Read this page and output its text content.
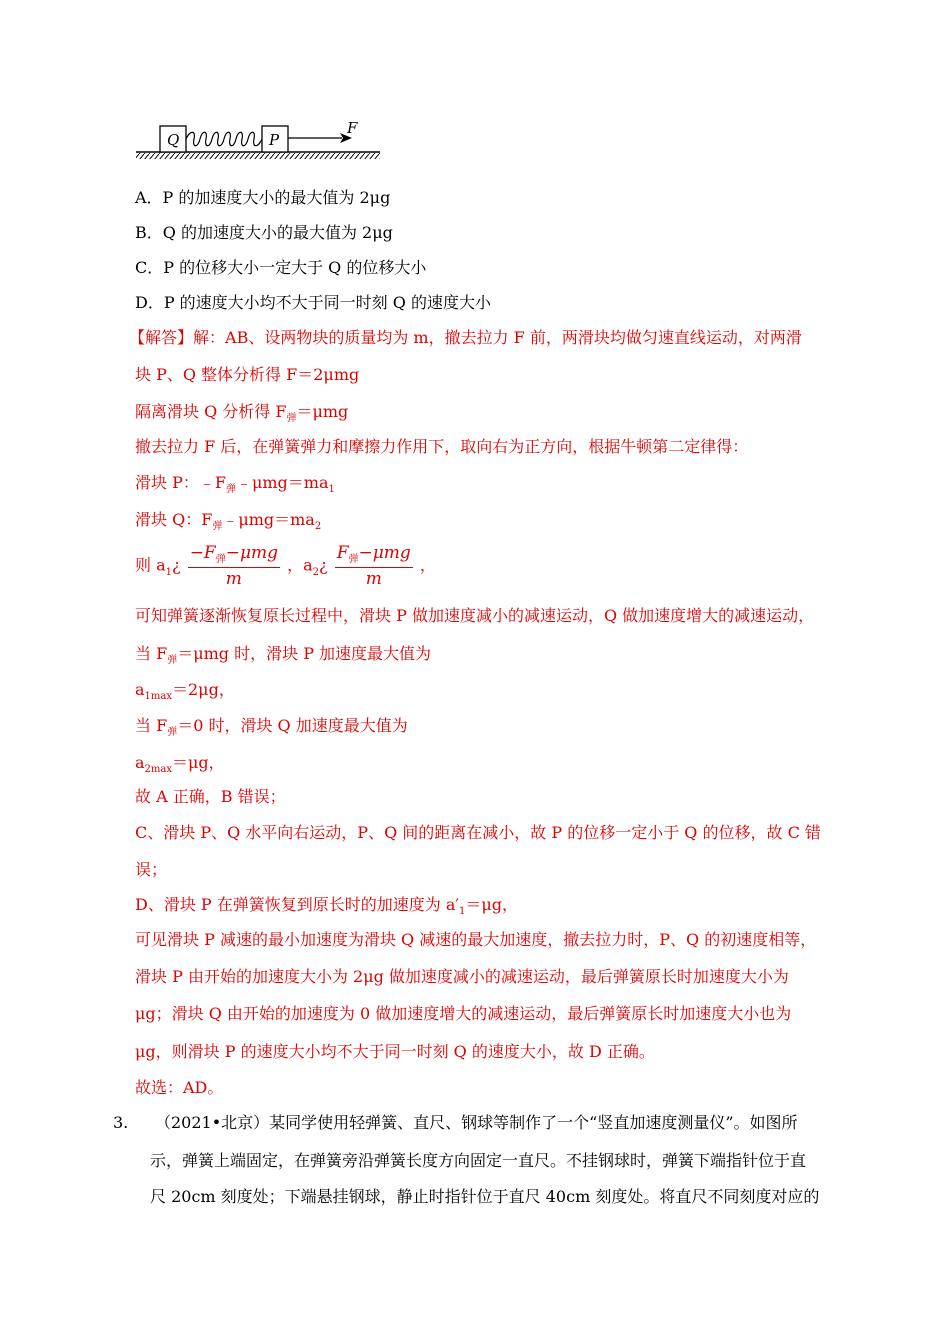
Q	P
F
A．P 的加速度大小的最大值为 2μg
B．Q 的加速度大小的最大值为 2μg
C．P 的位移大小一定大于 Q 的位移大小
D．P 的速度大小均不大于同一时刻 Q 的速度大小
【解答】解：AB、设两物块的质量均为 m，撤去拉力 F 前，两滑块均做匀速直线运动，对两滑
块 P、Q 整体分析得 F＝2μmg
隔离滑块 Q 分析得 $F_弹=\mu mg$
撤去拉力 F 后，在弹簧弹力和摩擦力作用下，取向右为正方向，根据牛顿第二定律得：
滑块 P：$﹣F_弹﹣\mu mg=ma_1$
滑块 Q：$F_弹﹣\mu mg=ma_2$
则 $a_1¿ \frac{-F_弹-\mu mg}{m}$ ，$a_2¿ \frac{F_弹-\mu mg}{m}$ ，
可知弹簧逐渐恢复原长过程中，滑块 P 做加速度减小的减速运动，Q 做加速度增大的减速运动，
当 $F_弹=\mu mg$ 时，滑块 P 加速度最大值为
$a_{1max}=2\mu g$，
当 $F_弹=0$ 时，滑块 Q 加速度最大值为
$a_{2max}=\mu g$，
故 A 正确，B 错误；
C、滑块 P、Q 水平向右运动，P、Q 间的距离在减小，故 P 的位移一定小于 Q 的位移，故 C 错
误；
D、滑块 P 在弹簧恢复到原长时的加速度为 $a'_1=\mu g$，
可见滑块 P 减速的最小加速度为滑块 Q 减速的最大加速度，撤去拉力时，P、Q 的初速度相等，
滑块 P 由开始的加速度大小为 2μg 做加速度减小的减速运动，最后弹簧原长时加速度大小为
μg；滑块 Q 由开始的加速度为 0 做加速度增大的减速运动，最后弹簧原长时加速度大小也为
μg，则滑块 P 的速度大小均不大于同一时刻 Q 的速度大小，故 D 正确。
故选：AD。
3. （2021•北京）某同学使用轻弹簧、直尺、钢球等制作了一个“竖直加速度测量仪”。如图所
示，弹簧上端固定，在弹簧旁沿弹簧长度方向固定一直尺。不挂钢球时，弹簧下端指针位于直
尺 20cm 刻度处；下端悬挂钢球，静止时指针位于直尺 40cm 刻度处。将直尺不同刻度对应的
